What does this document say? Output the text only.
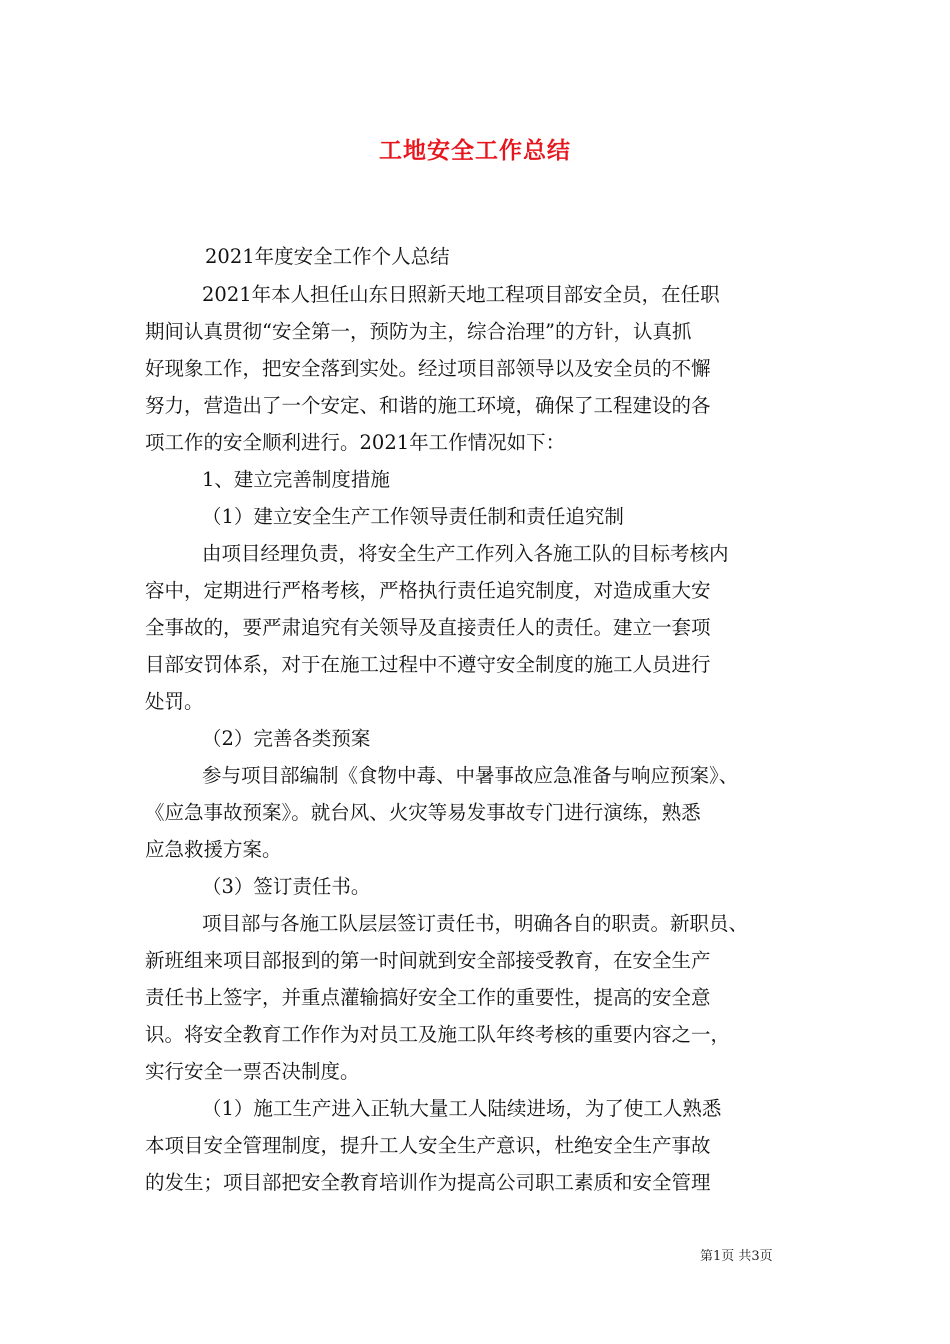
工地安全工作总结
2021年度安全工作个人总结
2021年本人担任山东日照新天地工程项目部安全员，在任职
期间认真贯彻“安全第一，预防为主，综合治理”的方针，认真抓
好现象工作，把安全落到实处。经过项目部领导以及安全员的不懈
努力，营造出了一个安定、和谐的施工环境，确保了工程建设的各
项工作的安全顺利进行。2021年工作情况如下：
1、建立完善制度措施
（1）建立安全生产工作领导责任制和责任追究制
由项目经理负责，将安全生产工作列入各施工队的目标考核内
容中，定期进行严格考核，严格执行责任追究制度，对造成重大安
全事故的，要严肃追究有关领导及直接责任人的责任。建立一套项
目部安罚体系，对于在施工过程中不遵守安全制度的施工人员进行
处罚。
（2）完善各类预案
参与项目部编制《食物中毒、中暑事故应急准备与响应预案》、
《应急事故预案》。就台风、火灾等易发事故专门进行演练，熟悉
应急救援方案。
（3）签订责任书。
项目部与各施工队层层签订责任书，明确各自的职责。新职员、
新班组来项目部报到的第一时间就到安全部接受教育，在安全生产
责任书上签字，并重点灌输搞好安全工作的重要性，提高的安全意
识。将安全教育工作作为对员工及施工队年终考核的重要内容之一，
实行安全一票否决制度。
（1）施工生产进入正轨大量工人陆续进场，为了使工人熟悉
本项目安全管理制度，提升工人安全生产意识，杜绝安全生产事故
的发生；项目部把安全教育培训作为提高公司职工素质和安全管理
第1页 共3页
